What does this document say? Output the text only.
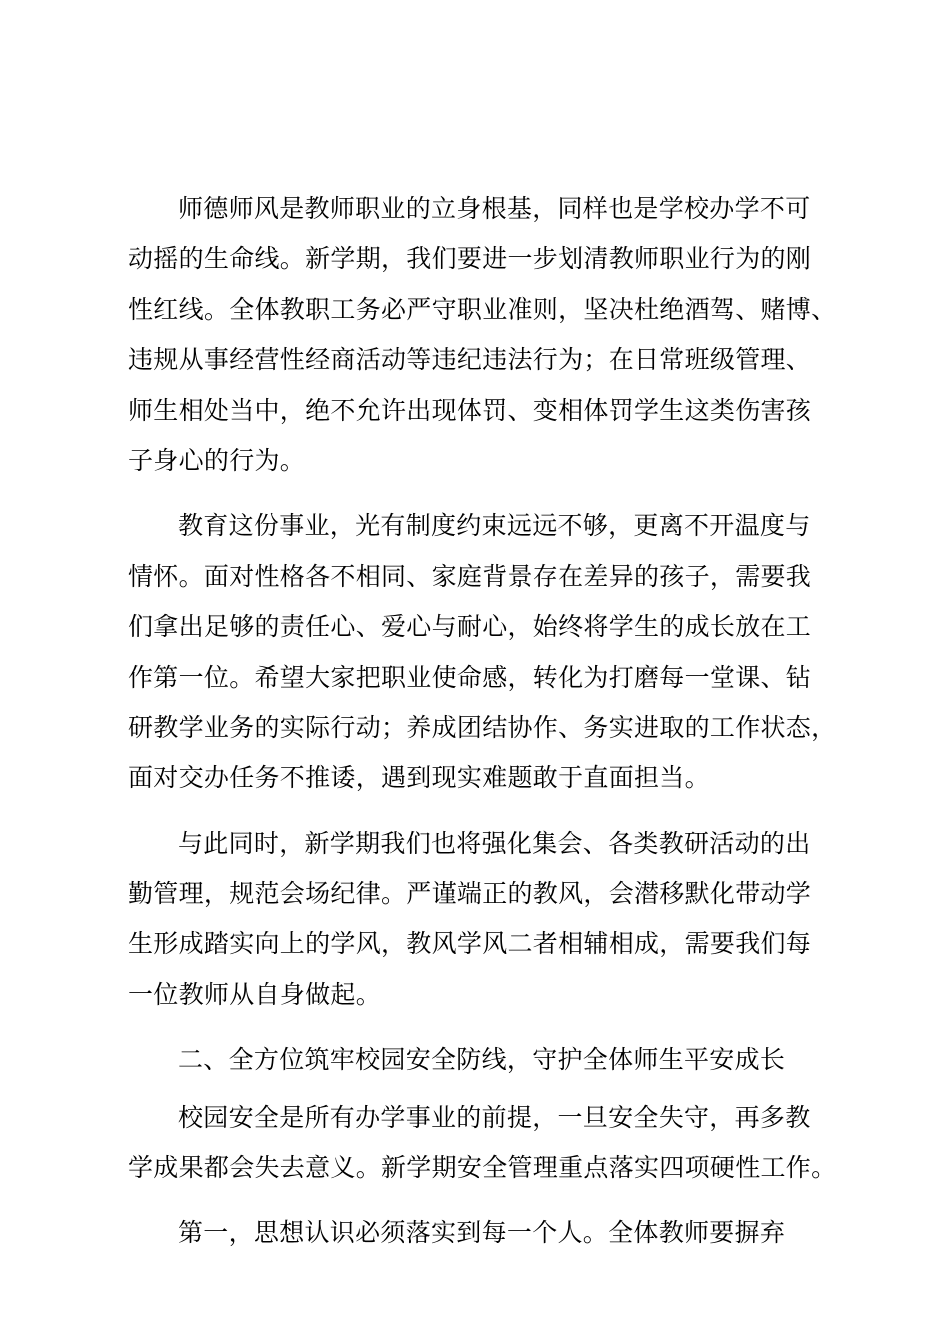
师德师风是教师职业的立身根基，同样也是学校办学不可
动摇的生命线。新学期，我们要进一步划清教师职业行为的刚
性红线。全体教职工务必严守职业准则，坚决杜绝酒驾、赌博、
违规从事经营性经商活动等违纪违法行为；在日常班级管理、
师生相处当中，绝不允许出现体罚、变相体罚学生这类伤害孩
子身心的行为。
教育这份事业，光有制度约束远远不够，更离不开温度与
情怀。面对性格各不相同、家庭背景存在差异的孩子，需要我
们拿出足够的责任心、爱心与耐心，始终将学生的成长放在工
作第一位。希望大家把职业使命感，转化为打磨每一堂课、钻
研教学业务的实际行动；养成团结协作、务实进取的工作状态，
面对交办任务不推诿，遇到现实难题敢于直面担当。
与此同时，新学期我们也将强化集会、各类教研活动的出
勤管理，规范会场纪律。严谨端正的教风，会潜移默化带动学
生形成踏实向上的学风，教风学风二者相辅相成，需要我们每
一位教师从自身做起。
二、全方位筑牢校园安全防线，守护全体师生平安成长
校园安全是所有办学事业的前提，一旦安全失守，再多教
学成果都会失去意义。新学期安全管理重点落实四项硬性工作。
第一，思想认识必须落实到每一个人。全体教师要摒弃
